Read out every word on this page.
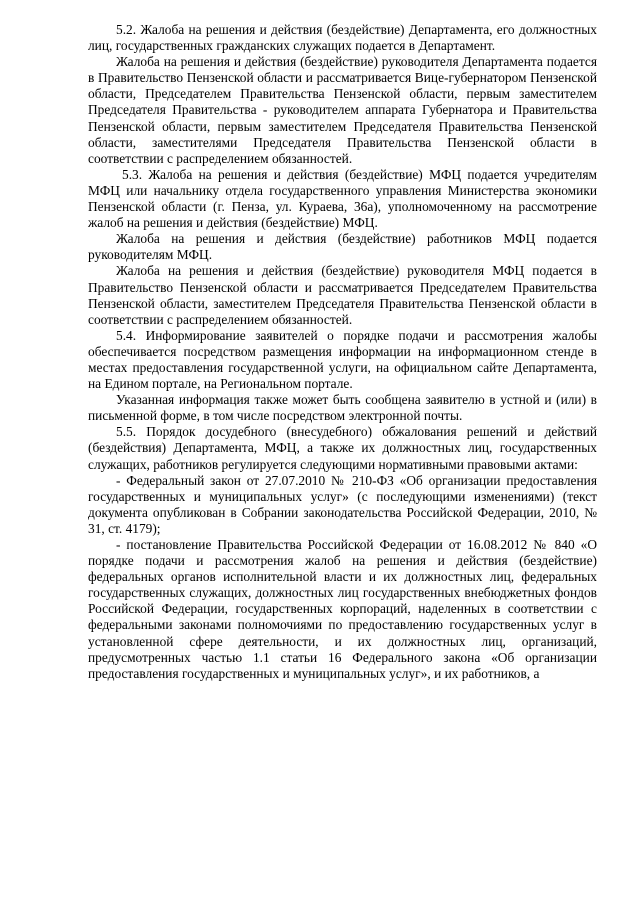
5.2. Жалоба на решения и действия (бездействие) Департамента, его должностных лиц, государственных гражданских служащих подается в Департамент.

Жалоба на решения и действия (бездействие) руководителя Департамента подается в Правительство Пензенской области и рассматривается Вице-губернатором Пензенской области, Председателем Правительства Пензенской области, первым заместителем Председателя Правительства - руководителем аппарата Губернатора и Правительства Пензенской области, первым заместителем Председателя Правительства Пензенской области, заместителями Председателя Правительства Пензенской области в соответствии с распределением обязанностей.

5.3. Жалоба на решения и действия (бездействие) МФЦ подается учредителям МФЦ или начальнику отдела государственного управления Министерства экономики Пензенской области (г. Пенза, ул. Кураева, 36а), уполномоченному на рассмотрение жалоб на решения и действия (бездействие) МФЦ.

Жалоба на решения и действия (бездействие) работников МФЦ подается руководителям МФЦ.

Жалоба на решения и действия (бездействие) руководителя МФЦ подается в Правительство Пензенской области и рассматривается Председателем Правительства Пензенской области, заместителем Председателя Правительства Пензенской области в соответствии с распределением обязанностей.

5.4. Информирование заявителей о порядке подачи и рассмотрения жалобы обеспечивается посредством размещения информации на информационном стенде в местах предоставления государственной услуги, на официальном сайте Департамента, на Едином портале, на Региональном портале.

Указанная информация также может быть сообщена заявителю в устной и (или) в письменной форме, в том числе посредством электронной почты.

5.5. Порядок досудебного (внесудебного) обжалования решений и действий (бездействия) Департамента, МФЦ, а также их должностных лиц, государственных служащих, работников регулируется следующими нормативными правовыми актами:

- Федеральный закон от 27.07.2010 № 210-ФЗ «Об организации предоставления государственных и муниципальных услуг» (с последующими изменениями) (текст документа опубликован в Собрании законодательства Российской Федерации, 2010, № 31, ст. 4179);

- постановление Правительства Российской Федерации от 16.08.2012 № 840 «О порядке подачи и рассмотрения жалоб на решения и действия (бездействие) федеральных органов исполнительной власти и их должностных лиц, федеральных государственных служащих, должностных лиц государственных внебюджетных фондов Российской Федерации, государственных корпораций, наделенных в соответствии с федеральными законами полномочиями по предоставлению государственных услуг в установленной сфере деятельности, и их должностных лиц, организаций, предусмотренных частью 1.1 статьи 16 Федерального закона «Об организации предоставления государственных и муниципальных услуг», и их работников, а
